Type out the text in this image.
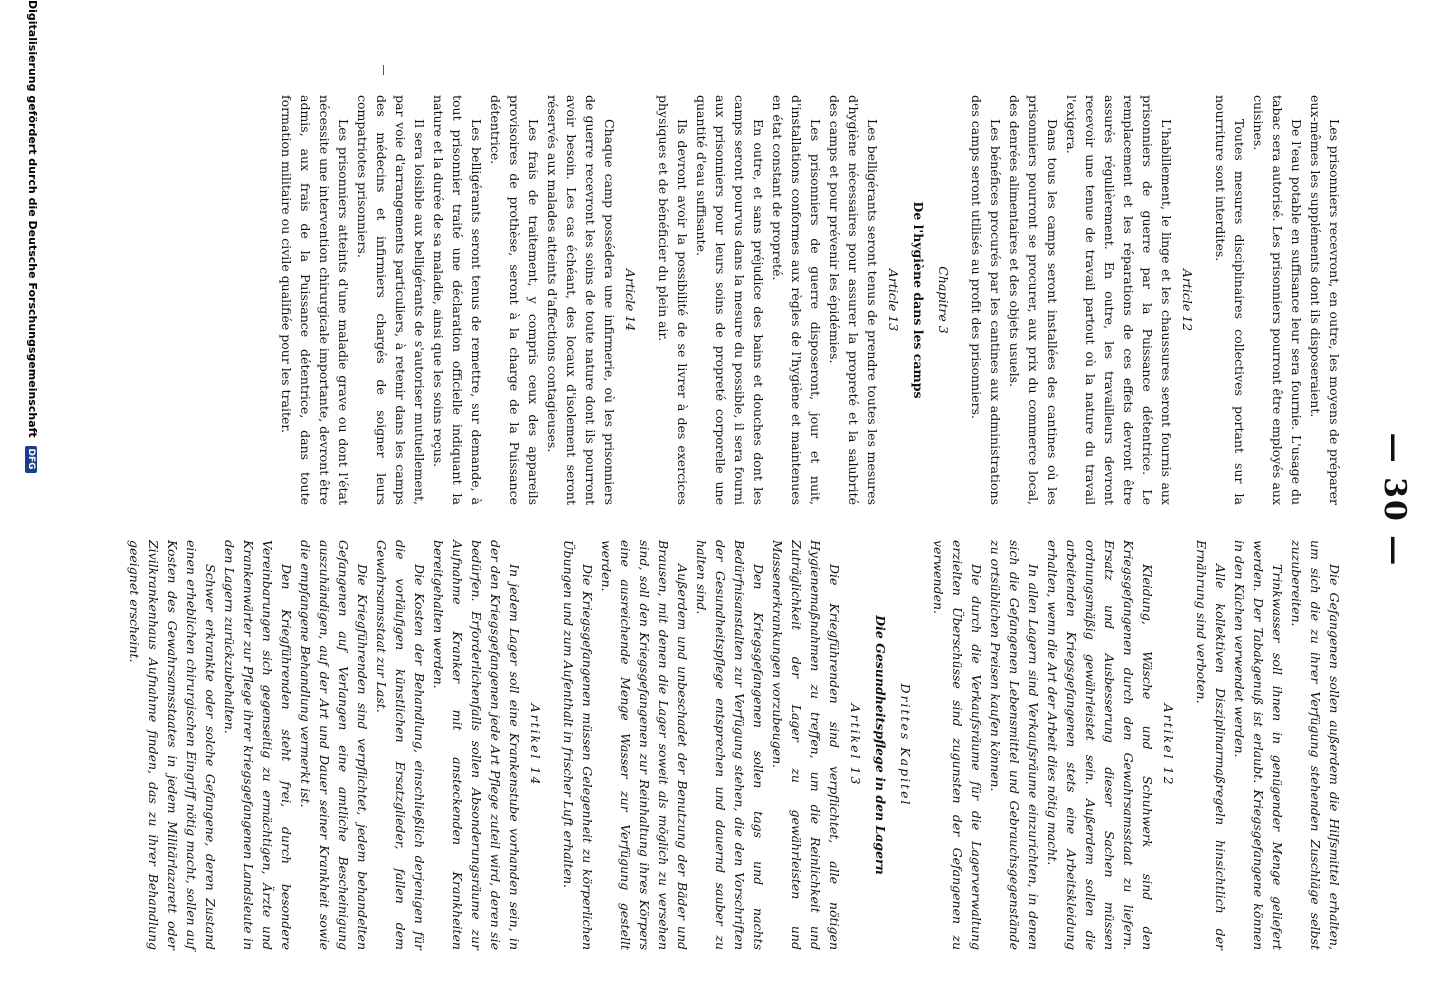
— 30 —

Les prisonniers recevront, en outre, les moyens de préparer eux-mêmes les suppléments dont ils disposeraient.

De l'eau potable en suffisance leur sera fournie. L'usage du tabac sera autorisé. Les prisonniers pourront être employés aux cuisines.

Toutes mesures disciplinaires collectives portant sur la nourriture sont interdites.

Article 12

L'habillement, le linge et les chaussures seront fournis aux prisonniers de guerre par la Puissance détentrice. Le remplacement et les réparations de ces effets devront être assurés régulièrement. En outre, les travailleurs devront recevoir une tenue de travail partout où la nature du travail l'exigera.

Dans tous les camps seront installées des cantines où les prisonniers pourront se procurer, aux prix du commerce local, des denrées alimentaires et des objets usuels.

Les bénéfices procurés par les cantines aux administrations des camps seront utilisés au profit des prisonniers.

Chapitre 3
De l'hygiène dans les camps
Article 13

Les belligérants seront tenus de prendre toutes les mesures d'hygiène nécessaires pour assurer la propreté et la salubrité des camps et pour prévenir les épidémies.

Les prisonniers de guerre disposeront, jour et nuit, d'installations conformes aux règles de l'hygiène et maintenues en état constant de propreté.

En outre, et sans préjudice des bains et douches dont les camps seront pourvus dans la mesure du possible, il sera fourni aux prisonniers pour leurs soins de propreté corporelle une quantité d'eau suffisante.

Ils devront avoir la possibilité de se livrer à des exercices physiques et de bénéficier du plein air.

Article 14

Chaque camp possédera une infirmerie, où les prisonniers de guerre recevront les soins de toute nature dont ils pourront avoir besoin. Les cas échéant, des locaux d'isolement seront réservés aux malades atteints d'affections contagieuses.

Les frais de traitement, y compris ceux des appareils provisoires de prothèse, seront à la charge de la Puissance détentrice.

Les belligérants seront tenus de remettre, sur demande, à tout prisonnier traité une déclaration officielle indiquant la nature et la durée de sa maladie, ainsi que les soins reçus.

Il sera loisible aux belligérants de s'autoriser mutuellement, par voie d'arrangements particuliers, à retenir dans les camps des médecins et infirmiers chargés de soigner leurs compatriotes prisonniers.

Les prisonniers atteints d'une maladie grave ou dont l'état nécessite une intervention chirurgicale importante, devront être admis, aux frais de la Puissance détentrice, dans toute formation militaire ou civile qualifiée pour les traiter.

Die Gefangenen sollen außerdem die Hilfsmittel erhalten, um sich die zu ihrer Verfügung stehenden Zuschläge selbst zuzubereiten.

Trinkwasser soll ihnen in genügender Menge geliefert werden. Der Tabakgenuß ist erlaubt. Kriegsgefangene können in den Küchen verwendet werden.

Alle kollektiven Disziplinarmaßregeln hinsichtlich der Ernährung sind verboten.

Artikel 12

Kleidung, Wäsche und Schuhwerk sind den Kriegsgefangenen durch den Gewahrsamsstaat zu liefern. Ersatz und Ausbesserung dieser Sachen müssen ordnungsmäßig gewährleistet sein. Außerdem sollen die arbeitenden Kriegsgefangenen stets eine Arbeitskleidung erhalten, wenn die Art der Arbeit dies nötig macht.

In allen Lagern sind Verkaufsräume einzurichten, in denen sich die Gefangenen Lebensmittel und Gebrauchsgegenstände zu ortsüblichen Preisen kaufen können.

Die durch die Verkaufsräume für die Lagerverwaltung erzielten Überschüsse sind zugunsten der Gefangenen zu verwenden.

Drittes Kapitel
Die Gesundheitspflege in den Lagern
Artikel 13

Die Kriegführenden sind verpflichtet, alle nötigen Hygienemaßnahmen zu treffen, um die Reinlichkeit und Zuträglichkeit der Lager zu gewährleisten und Massenerkrankungen vorzubeugen.

Den Kriegsgefangenen sollen tags und nachts Bedürfnisanstalten zur Verfügung stehen, die den Vorschriften der Gesundheitspflege entsprechen und dauernd sauber zu halten sind.

Außerdem und unbeschadet der Benutzung der Bäder und Brausen, mit denen die Lager soweit als möglich zu versehen sind, soll den Kriegsgefangenen zur Reinhaltung ihres Körpers eine ausreichende Menge Wasser zur Verfügung gestellt werden.

Die Kriegsgefangenen müssen Gelegenheit zu körperlichen Übungen und zum Aufenthalt in frischer Luft erhalten.

Artikel 14

In jedem Lager soll eine Krankenstube vorhanden sein, in der den Kriegsgefangenen jede Art Pflege zuteil wird, deren sie bedürfen. Erforderlichenfalls sollen Absonderungsräume zur Aufnahme Kranker mit ansteckenden Krankheiten bereitgehalten werden.

Die Kosten der Behandlung, einschließlich derjenigen für die vorläufigen künstlichen Ersatzglieder, fallen dem Gewahrsamsstaat zur Last.

Die Kriegführenden sind verpflichtet, jedem behandelten Gefangenen auf Verlangen eine amtliche Bescheinigung auszuhändigen, auf der Art und Dauer seiner Krankheit sowie die empfangene Behandlung vermerkt ist.

Den Kriegführenden steht frei, durch besondere Vereinbarungen sich gegenseitig zu ermächtigen, Ärzte und Krankenwärter zur Pflege ihrer kriegsgefangenen Landsleute in den Lagern zurückzubehalten.

Schwer erkrankte oder solche Gefangene, deren Zustand einen erheblichen chirurgischen Eingriff nötig macht, sollen auf Kosten des Gewahrsamsstaates in jedem Militärlazarett oder Zivilkrankenhaus Aufnahme finden, das zu ihrer Behandlung geeignet erscheint.

Digitalisierung gefördert durch die Deutsche Forschungsgemeinschaft DFG
